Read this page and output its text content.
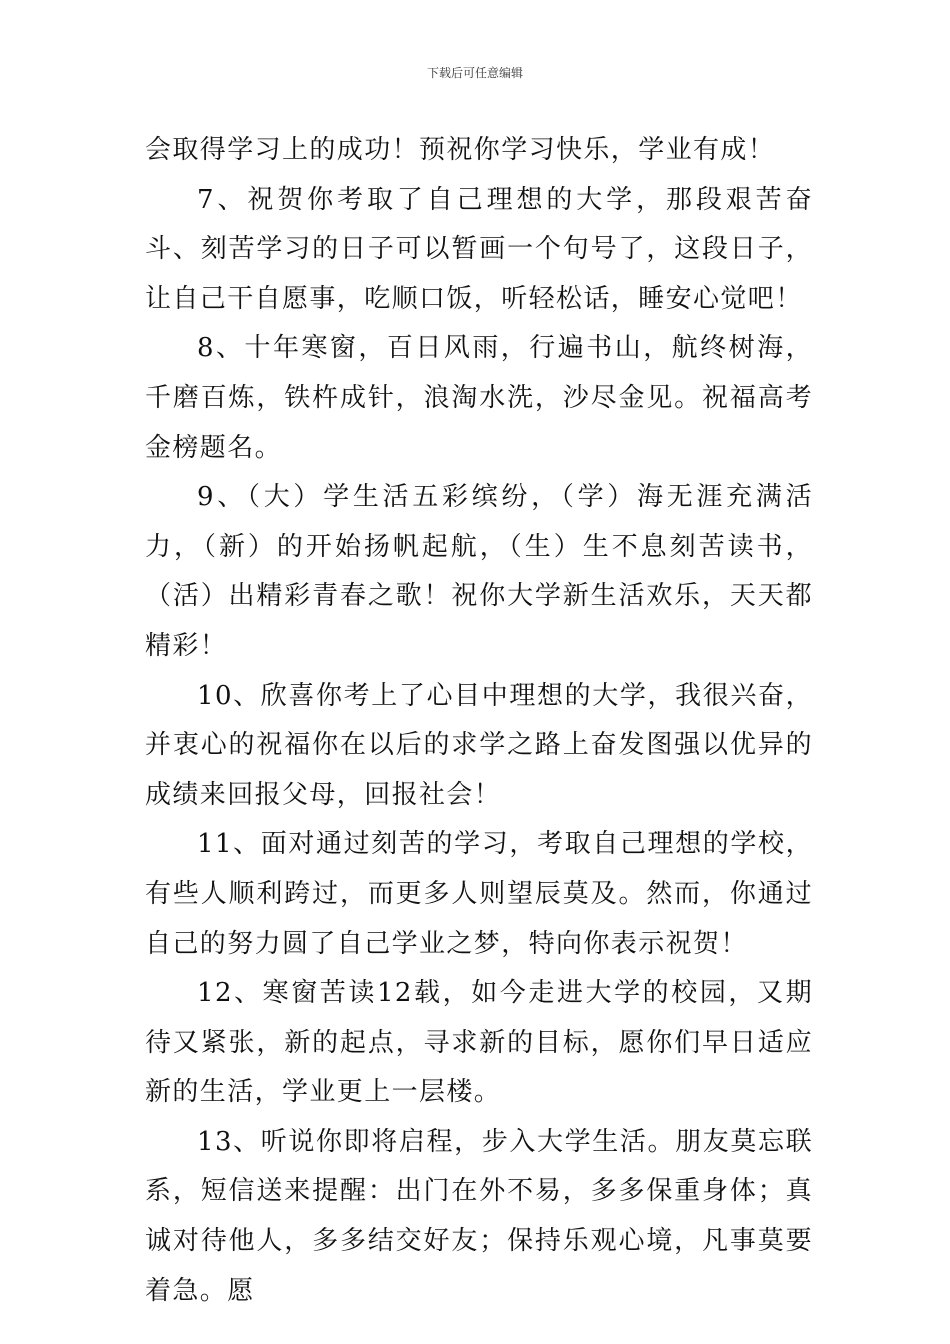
下载后可任意编辑

会取得学习上的成功！预祝你学习快乐，学业有成！

7、祝贺你考取了自己理想的大学，那段艰苦奋斗、刻苦学习的日子可以暂画一个句号了，这段日子，让自己干自愿事，吃顺口饭，听轻松话，睡安心觉吧！

8、十年寒窗，百日风雨，行遍书山，航终树海，千磨百炼，铁杵成针，浪淘水洗，沙尽金见。祝福高考金榜题名。

9、（大）学生活五彩缤纷，（学）海无涯充满活力，（新）的开始扬帆起航，（生）生不息刻苦读书，（活）出精彩青春之歌！祝你大学新生活欢乐，天天都精彩！

10、欣喜你考上了心目中理想的大学，我很兴奋，并衷心的祝福你在以后的求学之路上奋发图强以优异的成绩来回报父母，回报社会！

11、面对通过刻苦的学习，考取自己理想的学校，有些人顺利跨过，而更多人则望辰莫及。然而，你通过自己的努力圆了自己学业之梦，特向你表示祝贺！

12、寒窗苦读12载，如今走进大学的校园，又期待又紧张，新的起点，寻求新的目标，愿你们早日适应新的生活，学业更上一层楼。

13、听说你即将启程，步入大学生活。朋友莫忘联系，短信送来提醒：出门在外不易，多多保重身体；真诚对待他人，多多结交好友；保持乐观心境，凡事莫要着急。愿
